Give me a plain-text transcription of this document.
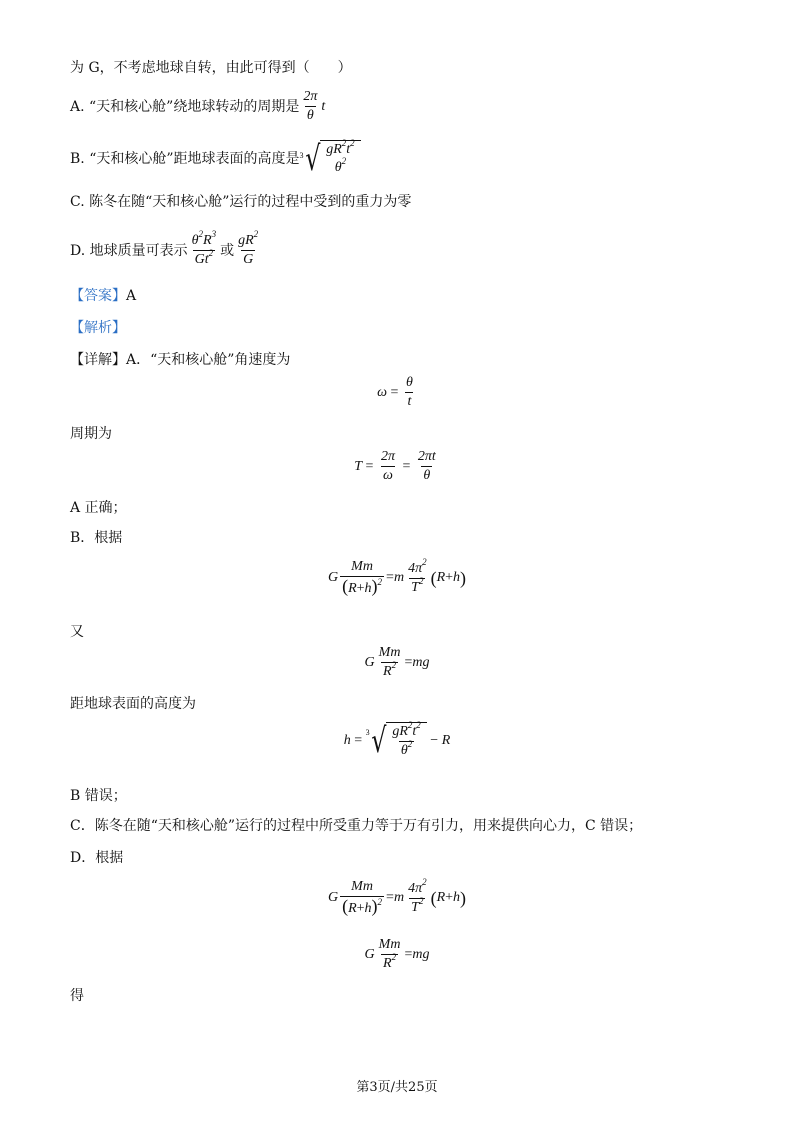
为 G，不考虑地球自转，由此可得到（　　）
A. “天和核心舱”绕地球转动的周期是 $\frac{2\pi}{\theta}$ t
B. “天和核心舱”距地球表面的高度是 3 √ $gR^2t^2$
$\theta^2$
C. 陈冬在随“天和核心舱”运行的过程中受到的重力为零
D. 地球质量可表示 $\frac{\theta^2R^3}{Gt^2}$ 或 $\frac{gR^2}{G}$
【答案】A
【解析】
【详解】A．“天和核心舱”角速度为
$\omega = \frac{\theta}{t}$
周期为
$T = \frac{2\pi}{\omega} = \frac{2\pi t}{\theta}$
A 正确；
B．根据
G $\frac{Mm}{(R+h)^2} = m \frac{4\pi^2}{T^2}$ ( R + h )
又
G $\frac{Mm}{R^2}$ = mg
距地球表面的高度为
h =
3 √ $\frac{gR^2t^2}{\theta^2} - R$
B 错误；
C．陈冬在随“天和核心舱”运行的过程中所受重力等于万有引力，用来提供向心力，C 错误；
D．根据
G $\frac{Mm}{(R+h)^2} = m \frac{4\pi^2}{T^2}$ ( R + h )
G $\frac{Mm}{R^2}$ = mg
得
第3页/共25页
